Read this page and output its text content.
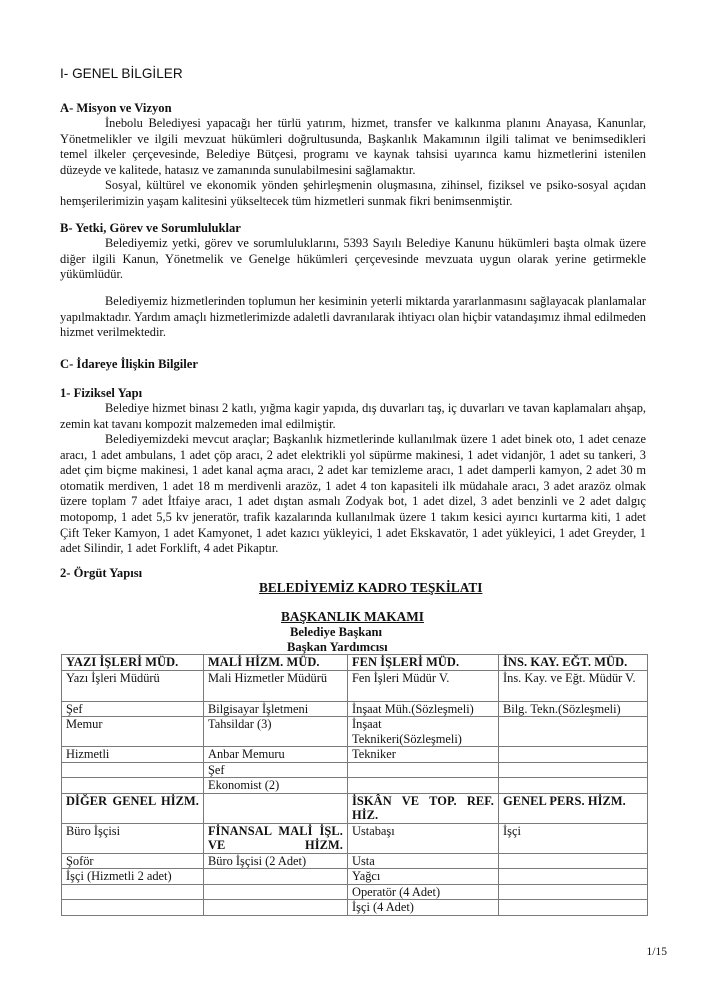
I- GENEL BİLGİLER
A- Misyon ve Vizyon
İnebolu Belediyesi yapacağı her türlü yatırım, hizmet, transfer ve kalkınma planını Anayasa, Kanunlar, Yönetmelikler ve ilgili mevzuat hükümleri doğrultusunda, Başkanlık Makamının ilgili talimat ve benimsedikleri temel ilkeler çerçevesinde, Belediye Bütçesi, programı ve kaynak tahsisi uyarınca kamu hizmetlerini istenilen düzeyde ve kalitede, hatasız ve zamanında sunulabilmesini sağlamaktır.
Sosyal, kültürel ve ekonomik yönden şehirleşmenin oluşmasına, zihinsel, fiziksel ve psiko-sosyal açıdan hemşerilerimizin yaşam kalitesini yükseltecek tüm hizmetleri sunmak fikri benimsenmiştir.
B- Yetki, Görev ve Sorumluluklar
Belediyemiz yetki, görev ve sorumluluklarını, 5393 Sayılı Belediye Kanunu hükümleri başta olmak üzere diğer ilgili Kanun, Yönetmelik ve Genelge hükümleri çerçevesinde mevzuata uygun olarak yerine getirmekle yükümlüdür.
Belediyemiz hizmetlerinden toplumun her kesiminin yeterli miktarda yararlanmasını sağlayacak planlamalar yapılmaktadır. Yardım amaçlı hizmetlerimizde adaletli davranılarak ihtiyacı olan hiçbir vatandaşımız ihmal edilmeden hizmet verilmektedir.
C- İdareye İlişkin Bilgiler
1- Fiziksel Yapı
Belediye hizmet binası 2 katlı, yığma kagir yapıda, dış duvarları taş, iç duvarları ve tavan kaplamaları ahşap, zemin kat tavanı kompozit malzemeden imal edilmiştir.
Belediyemizdeki mevcut araçlar; Başkanlık hizmetlerinde kullanılmak üzere 1 adet binek oto, 1 adet cenaze aracı, 1 adet ambulans, 1 adet çöp aracı, 2 adet elektrikli yol süpürme makinesi, 1 adet vidanjör, 1 adet su tankeri, 3 adet çim biçme makinesi, 1 adet kanal açma aracı, 2 adet kar temizleme aracı, 1 adet damperli kamyon, 2 adet 30 m otomatik merdiven, 1 adet 18 m merdivenli arazöz, 1 adet 4 ton kapasiteli ilk müdahale aracı, 3 adet arazöz olmak üzere toplam 7 adet İtfaiye aracı, 1 adet dıştan asmalı Zodyak bot, 1 adet dizel, 3 adet benzinli ve 2 adet dalgıç motopomp, 1 adet 5,5 kv jeneratör, trafik kazalarında kullanılmak üzere 1 takım kesici ayırıcı kurtarma kiti, 1 adet Çift Teker Kamyon, 1 adet Kamyonet, 1 adet kazıcı yükleyici, 1 adet Ekskavatör, 1 adet yükleyici, 1 adet Greyder, 1 adet Silindir, 1 adet Forklift, 4 adet Pikaptır.
2- Örgüt Yapısı
BELEDİYEMİZ KADRO TEŞKİLATI
BAŞKANLIK MAKAMI
Belediye Başkanı
Başkan Yardımcısı
YAZI İŞLERİ MÜD.	MALİ HİZM. MÜD.	FEN İŞLERİ MÜD.	İNS. KAY. EĞT. MÜD.
Yazı İşleri Müdürü	Mali Hizmetler Müdürü	Fen İşleri Müdür V.	İns. Kay. ve Eğt. Müdür V.
Şef	Bilgisayar İşletmeni	İnşaat Müh.(Sözleşmeli)	Bilg. Tekn.(Sözleşmeli)
Memur	Tahsildar (3)	İnşaat Teknikeri(Sözleşmeli)	
Hizmetli	Anbar Memuru	Tekniker	
	Şef		
	Ekonomist (2)		
DİĞER GENEL HİZM.		İSKÂN VE TOP. REF. HİZ.	GENEL PERS. HİZM.
Büro İşçisi	FİNANSAL MALİ İŞL. VE HİZM.	Ustabaşı	İşçi
Şoför	Büro İşçisi (2 Adet)	Usta	
İşçi (Hizmetli 2 adet)		Yağcı	
		Operatör (4 Adet)	
		İşçi (4 Adet)	
1/15
